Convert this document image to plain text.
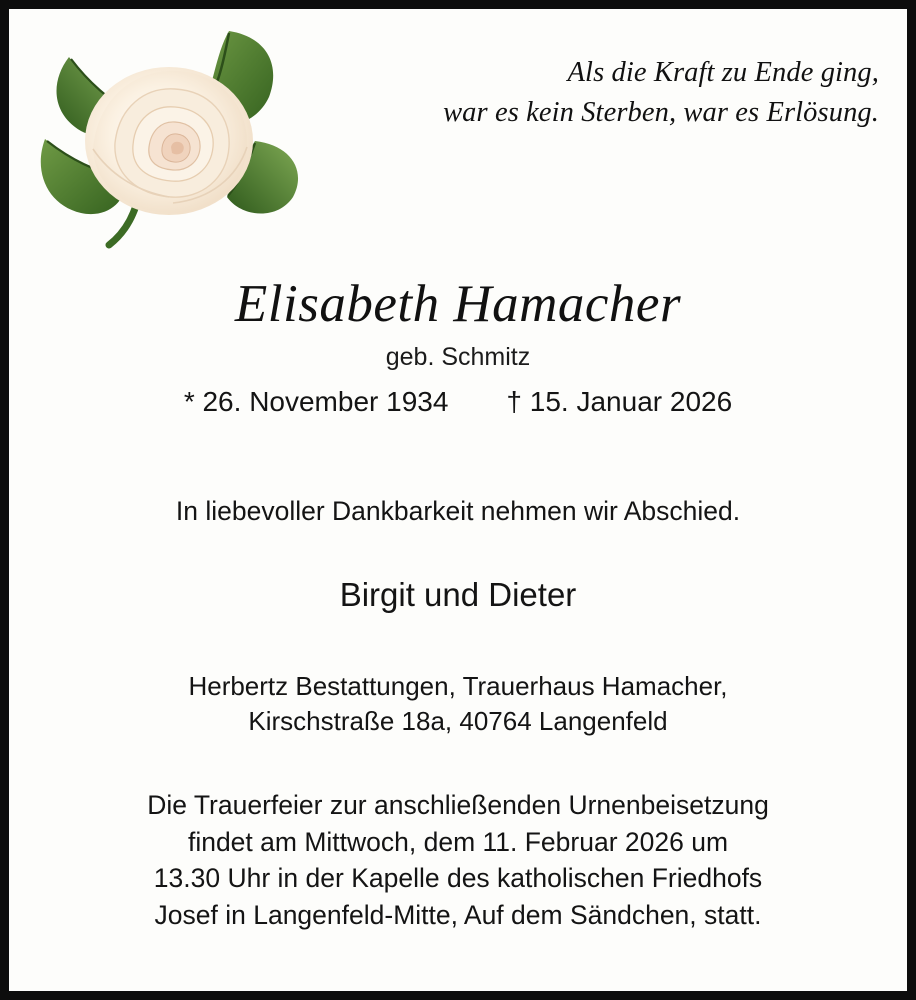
Als die Kraft zu Ende ging,
war es kein Sterben, war es Erlösung.
Elisabeth Hamacher
geb. Schmitz
* 26. November 1934 † 15. Januar 2026
In liebevoller Dankbarkeit nehmen wir Abschied.
Birgit und Dieter
Herbertz Bestattungen, Trauerhaus Hamacher,
Kirschstraße 18a, 40764 Langenfeld
Die Trauerfeier zur anschließenden Urnenbeisetzung
findet am Mittwoch, dem 11. Februar 2026 um
13.30 Uhr in der Kapelle des katholischen Friedhofs
Josef in Langenfeld-Mitte, Auf dem Sändchen, statt.
